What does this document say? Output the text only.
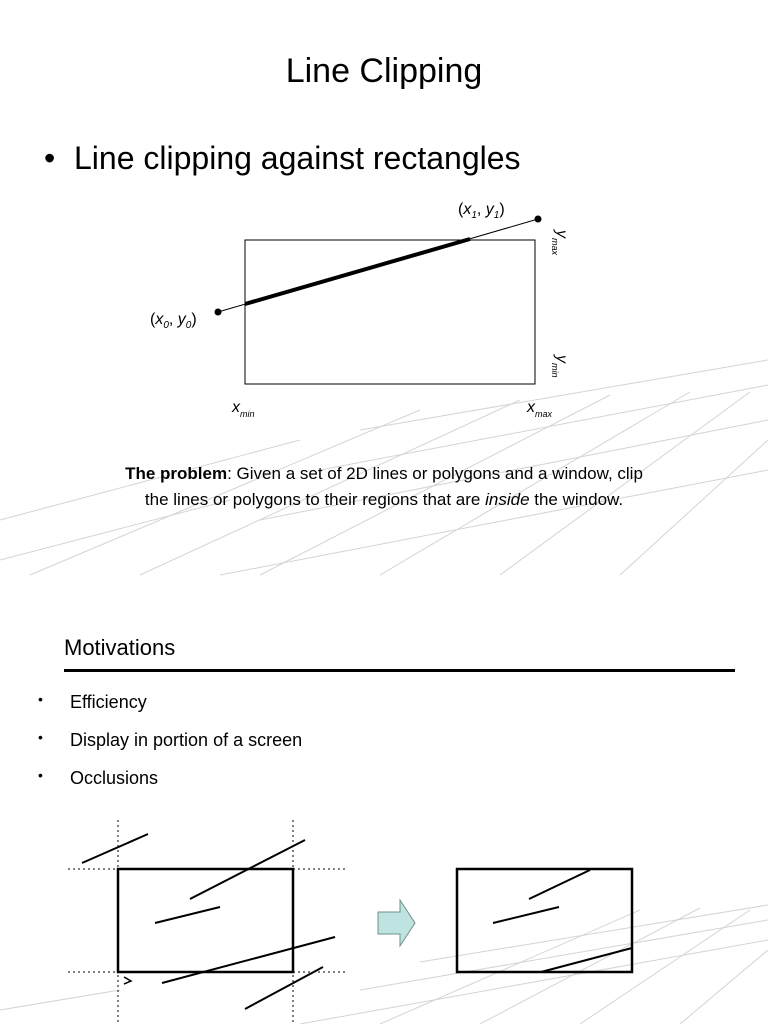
Line Clipping

• Line clipping against rectangles

($x_0$, $y_0$)
($x_1$, $y_1$)
$x_{min}$	$x_{max}$
$y_{max}$
$y_{min}$

The problem: Given a set of 2D lines or polygons and a window, clip
the lines or polygons to their regions that are inside the window.

Motivations
• Efficiency
• Display in portion of a screen
• Occlusions
